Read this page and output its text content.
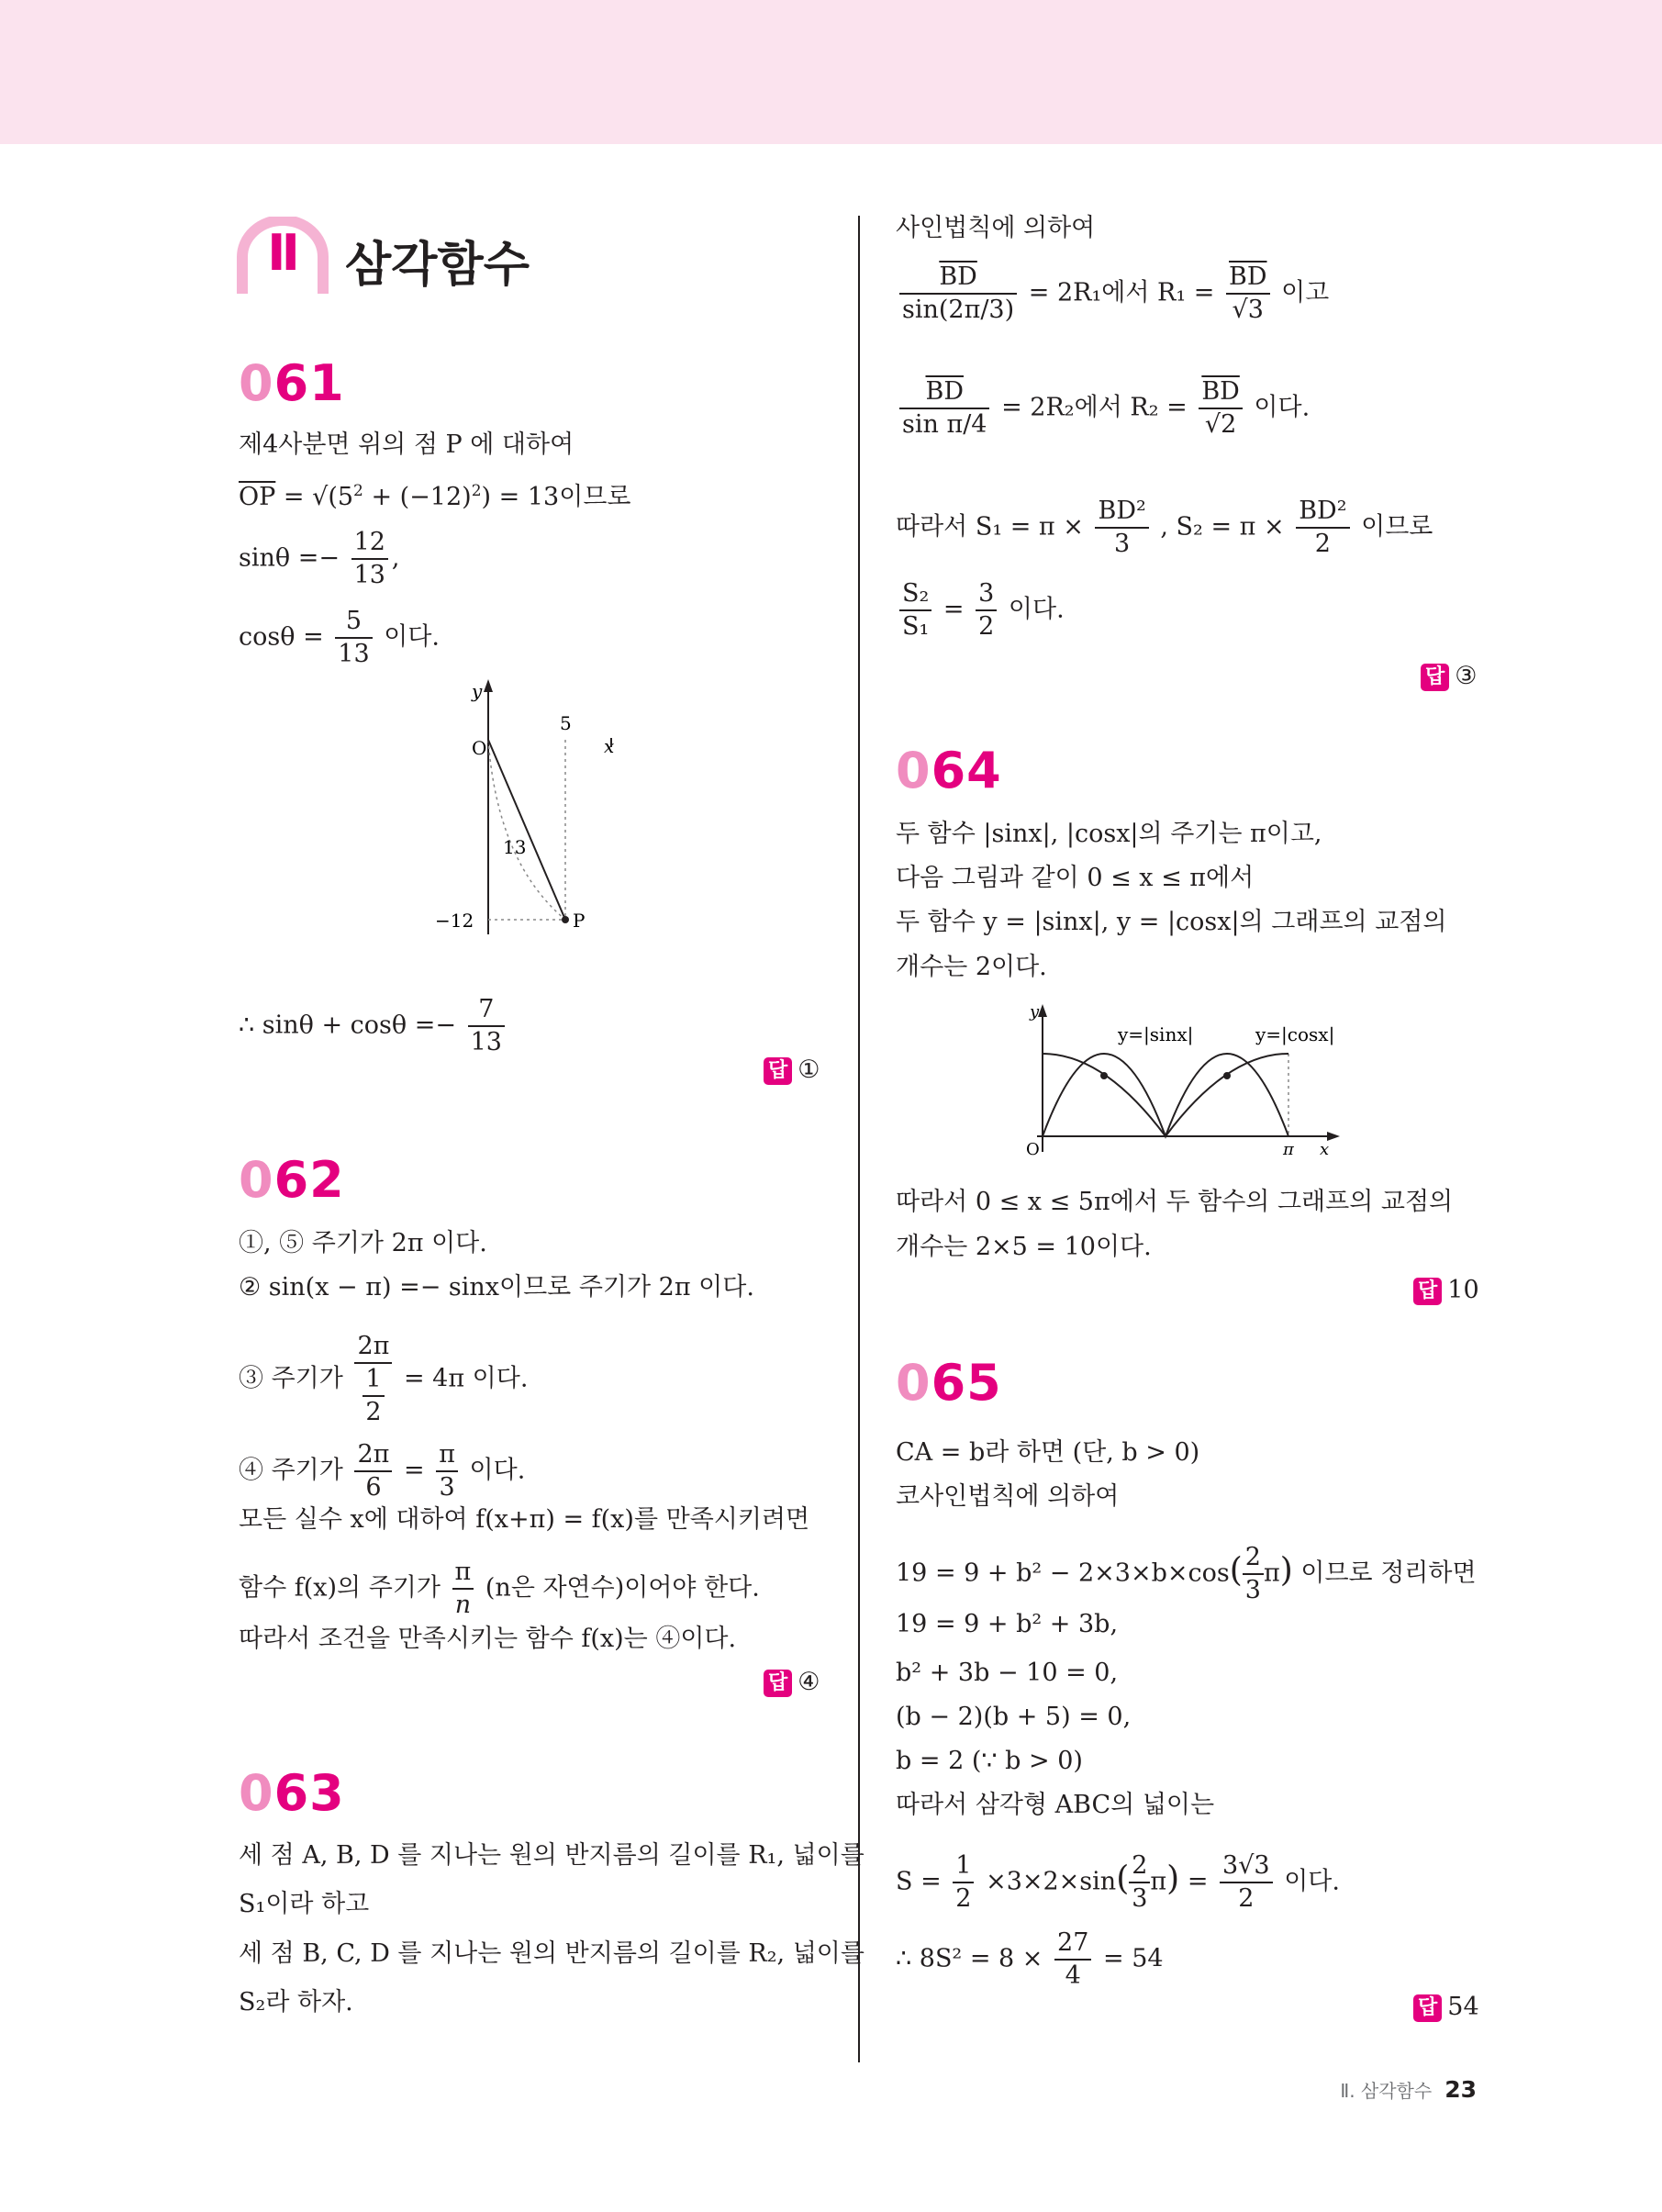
Ⅱ 삼각함수
061
제4사분면 위의 점 P 에 대하여
$\overline{OP} = √(5^2 + (-12)^2) = 13$이므로
$\sin\theta =- \frac{12}{13}$ ,
$\cos\theta = \frac{5}{13}$ 이다.
y
x
O
5
13
−12	P
∴ $\sin\theta + \cos\theta =- \frac{7}{13}$
답 ①
062
①, ⑤ 주기가 2π 이다.
② sin(x − π) =− sinx이므로 주기가 2π 이다.
③ 주기가 $\frac{2\pi}{\frac{1}{2}} = 4\pi$ 이다.
④ 주기가 $\frac{2\pi}{6} = \frac{\pi}{3}$ 이다.
모든 실수 x에 대하여 f(x+π) = f(x)를 만족시키려면
함수 f(x)의 주기가 $\frac{\pi}{n} (n$은 자연수)이어야 한다.
따라서 조건을 만족시키는 함수 f(x)는 ④이다.
답 ④
063
세 점 A, B, D 를 지나는 원의 반지름의 길이를 R₁, 넓이를
S₁이라 하고
세 점 B, C, D 를 지나는 원의 반지름의 길이를 R₂, 넓이를
S₂라 하자.
사인법칙에 의하여
$\frac{\overline{BD}}{\sin(2\pi/3)} = 2R_1$에서 $R_1 = \frac{\overline{BD}}{√3}$ 이고
$\frac{\overline{BD}}{\text{sin π/4}} = 2R_2$에서 $R_2 = \frac{\overline{BD}}{√2}$ 이다.
따라서 $S_1 = \pi \times \frac{\text{BD²}}{3}$ , $S_2 = \pi \times \frac{\text{BD²}}{2}$ 이므로
$\frac{\text{S₂}}{\text{S₁}} = \frac{3}{2}$ 이다.
답 ③
064
두 함수 |sinx|, |cosx|의 주기는 π이고,
다음 그림과 같이 0 ≤ x ≤ π에서
두 함수 y = |sinx|, y = |cosx|의 그래프의 교점의
개수는 2이다.
y
x
O	π
y=|sinx|	y=|cosx|
따라서 0 ≤ x ≤ 5π에서 두 함수의 그래프의 교점의
개수는 2×5 = 10이다.
답 10
065
CA = b라 하면 (단, b > 0)
코사인법칙에 의하여
$19 = 9 + b^2 - 2\times 3\times b\times\cos( \frac{2}{3} \pi)$ 이므로 정리하면
19 = 9 + b² + 3b,
b² + 3b − 10 = 0,
(b − 2)(b + 5) = 0,
b = 2 (∵ b > 0)
따라서 삼각형 ABC의 넓이는
$S = \frac{1}{2} \times 3\times 2\times\sin( \frac{2}{3} \pi) = \frac{3√3}{2}$ 이다.
∴ $8S^2 = 8 \times \frac{27}{4} = 54$
답 54
Ⅱ. 삼각함수 23
